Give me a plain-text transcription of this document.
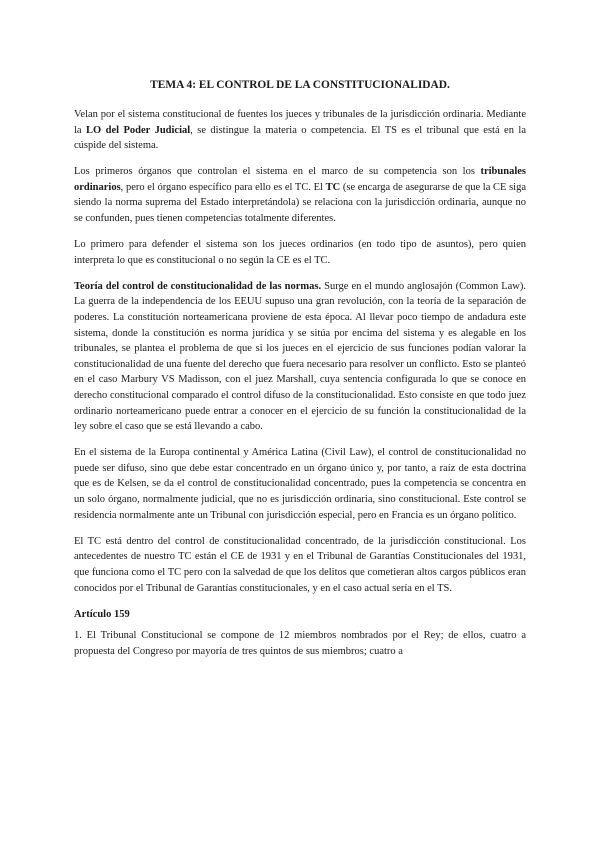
TEMA 4: EL CONTROL DE LA CONSTITUCIONALIDAD.

Velan por el sistema constitucional de fuentes los jueces y tribunales de la jurisdicción ordinaria. Mediante la LO del Poder Judicial, se distingue la materia o competencia. El TS es el tribunal que está en la cúspide del sistema.

Los primeros órganos que controlan el sistema en el marco de su competencia son los tribunales ordinarios, pero el órgano específico para ello es el TC. El TC (se encarga de asegurarse de que la CE siga siendo la norma suprema del Estado interpretándola) se relaciona con la jurisdicción ordinaria, aunque no se confunden, pues tienen competencias totalmente diferentes.

Lo primero para defender el sistema son los jueces ordinarios (en todo tipo de asuntos), pero quien interpreta lo que es constitucional o no según la CE es el TC.

Teoría del control de constitucionalidad de las normas. Surge en el mundo anglosajón (Common Law). La guerra de la independencia de los EEUU supuso una gran revolución, con la teoría de la separación de poderes. La constitución norteamericana proviene de esta época. Al llevar poco tiempo de andadura este sistema, donde la constitución es norma jurídica y se sitúa por encima del sistema y es alegable en los tribunales, se plantea el problema de que si los jueces en el ejercicio de sus funciones podían valorar la constitucionalidad de una fuente del derecho que fuera necesario para resolver un conflicto. Esto se planteó en el caso Marbury VS Madisson, con el juez Marshall, cuya sentencia configurada lo que se conoce en derecho constitucional comparado el control difuso de la constitucionalidad. Esto consiste en que todo juez ordinario norteamericano puede entrar a conocer en el ejercicio de su función la constitucionalidad de la ley sobre el caso que se está llevando a cabo.

En el sistema de la Europa continental y América Latina (Civil Law), el control de constitucionalidad no puede ser difuso, sino que debe estar concentrado en un órgano único y, por tanto, a raíz de esta doctrina que es de Kelsen, se da el control de constitucionalidad concentrado, pues la competencia se concentra en un solo órgano, normalmente judicial, que no es jurisdicción ordinaria, sino constitucional. Este control se residencia normalmente ante un Tribunal con jurisdicción especial, pero en Francia es un órgano político.

El TC está dentro del control de constitucionalidad concentrado, de la jurisdicción constitucional. Los antecedentes de nuestro TC están el CE de 1931 y en el Tribunal de Garantías Constitucionales del 1931, que funciona como el TC pero con la salvedad de que los delitos que cometieran altos cargos públicos eran conocidos por el Tribunal de Garantías constitucionales, y en el caso actual sería en el TS.

Artículo 159

1. El Tribunal Constitucional se compone de 12 miembros nombrados por el Rey; de ellos, cuatro a propuesta del Congreso por mayoría de tres quintos de sus miembros; cuatro a
